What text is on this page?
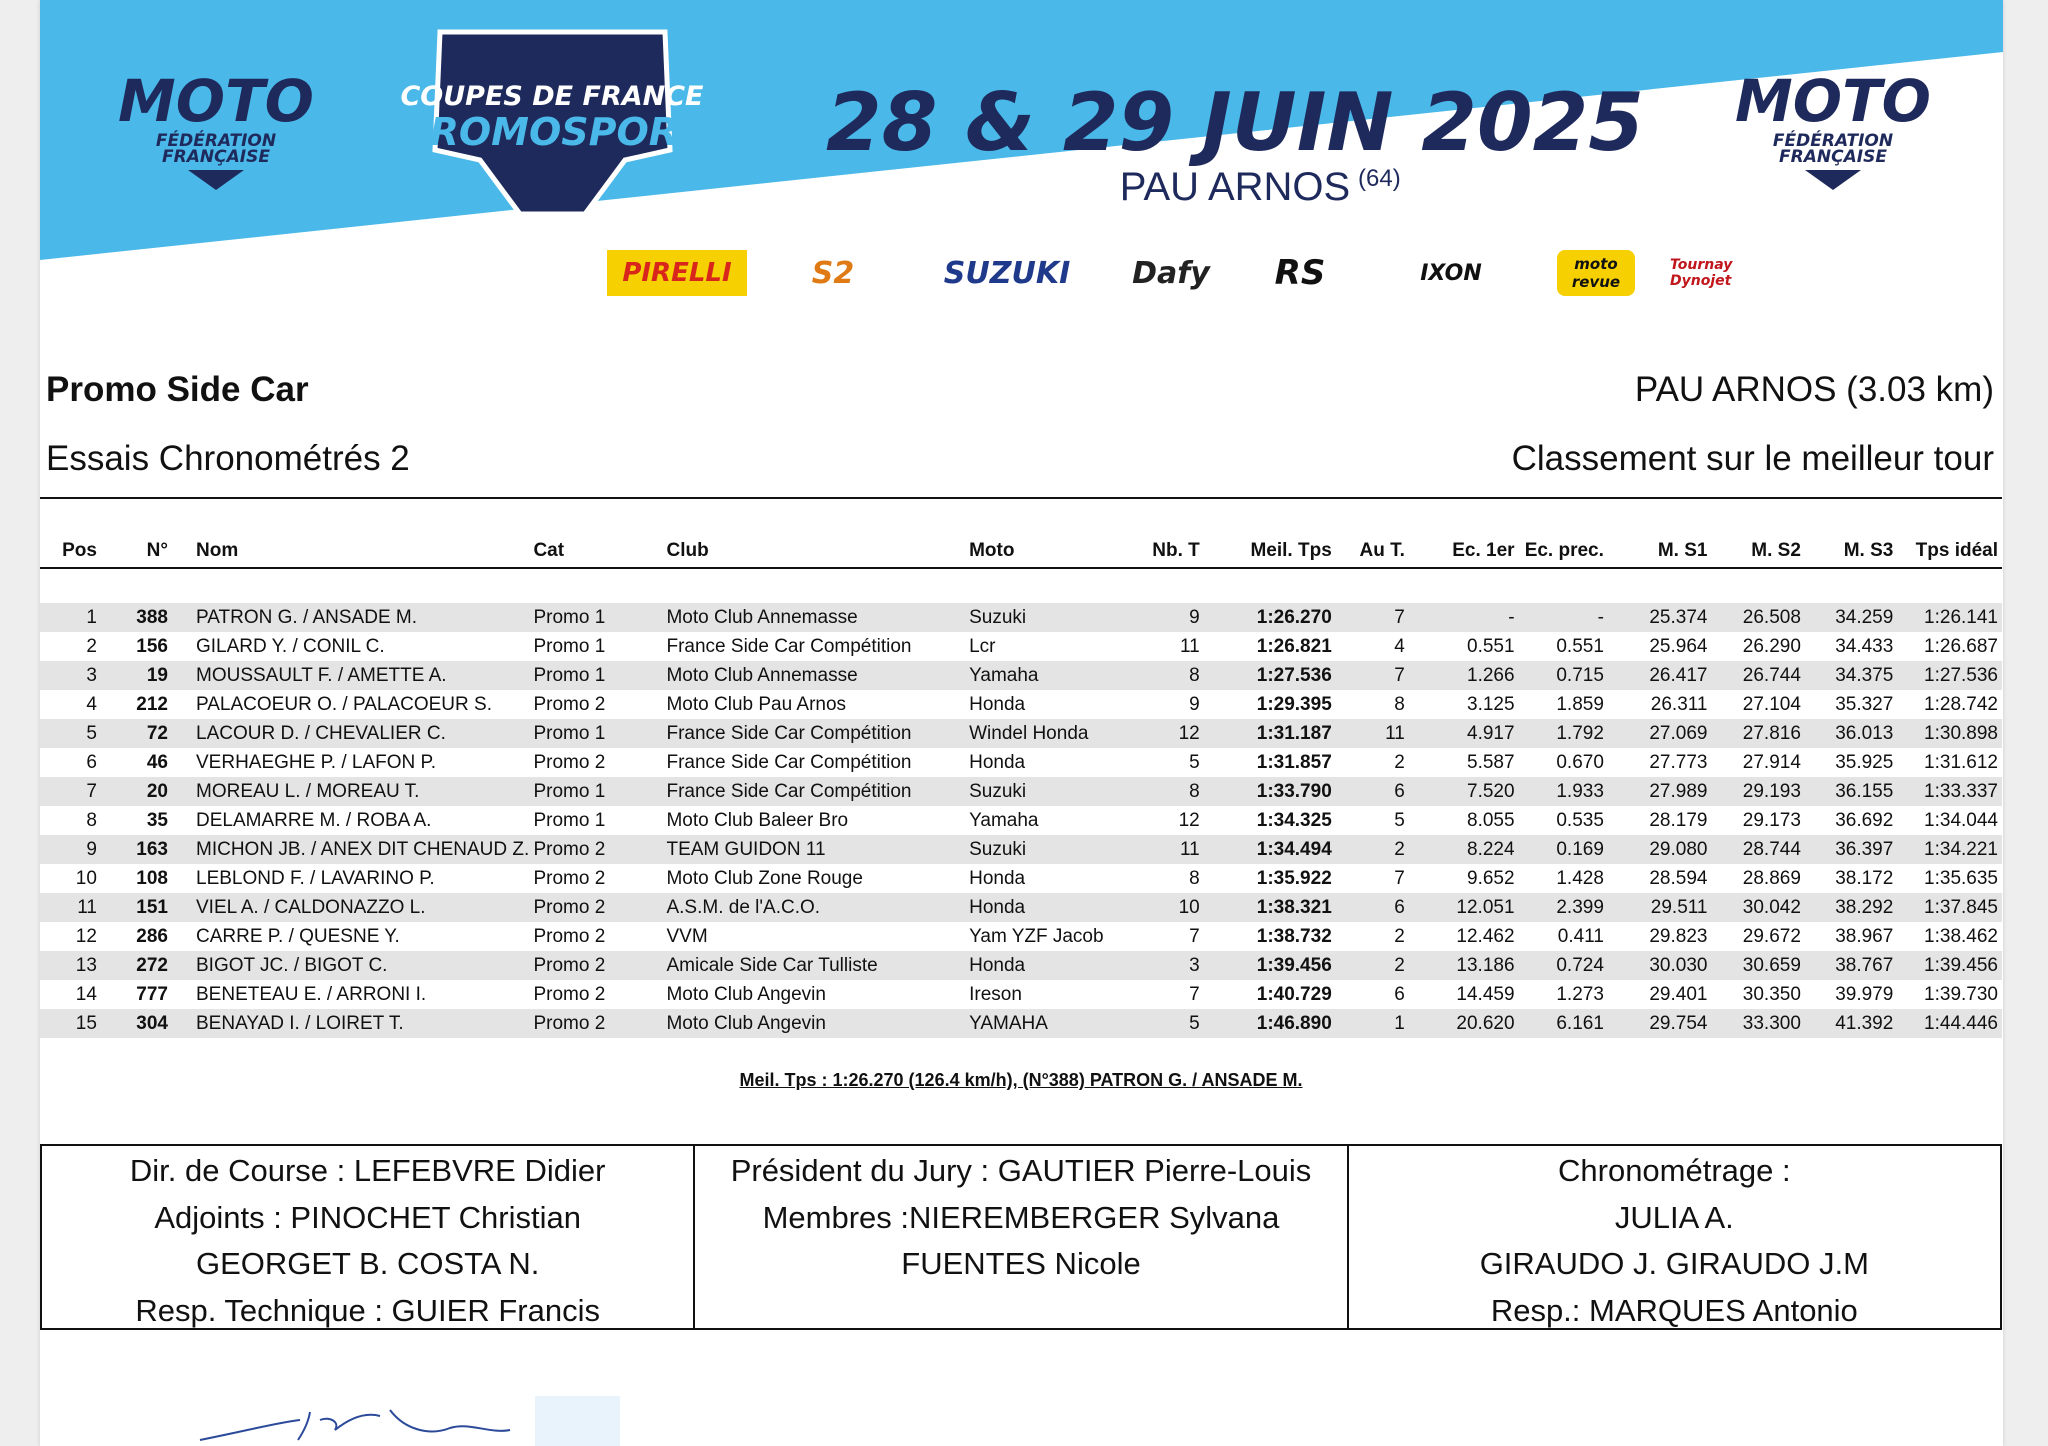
MOTO
FÉDÉRATION
FRANÇAISE
COUPES DE FRANCE
PROMOSPORT 28 & 29 JUIN 2025
PAU ARNOS (64)
MOTO
FÉDÉRATION
FRANÇAISE
PIRELLI	S2	SUZUKI	Dafy	RS	IXON	moto revue
Tournay Dynojet
Promo Side Car	PAU ARNOS (3.03 km)
Essais Chronométrés 2	Classement sur le meilleur tour
Pos	N°	Nom	Cat	Club	Moto	Nb. T	Meil. Tps	Au T.	Ec. 1er	Ec. prec.	M. S1	M. S2	M. S3	Tps idéal

1	388	PATRON G. / ANSADE M.	Promo 1	Moto Club Annemasse	Suzuki	9	1:26.270	7	-	-	25.374	26.508	34.259	1:26.141
2	156	GILARD Y. / CONIL C.	Promo 1	France Side Car Compétition	Lcr	11	1:26.821	4	0.551	0.551	25.964	26.290	34.433	1:26.687
3	19	MOUSSAULT F. / AMETTE A.	Promo 1	Moto Club Annemasse	Yamaha	8	1:27.536	7	1.266	0.715	26.417	26.744	34.375	1:27.536
4	212	PALACOEUR O. / PALACOEUR S.	Promo 2	Moto Club Pau Arnos	Honda	9	1:29.395	8	3.125	1.859	26.311	27.104	35.327	1:28.742
5	72	LACOUR D. / CHEVALIER C.	Promo 1	France Side Car Compétition	Windel Honda	12	1:31.187	11	4.917	1.792	27.069	27.816	36.013	1:30.898
6	46	VERHAEGHE P. / LAFON P.	Promo 2	France Side Car Compétition	Honda	5	1:31.857	2	5.587	0.670	27.773	27.914	35.925	1:31.612
7	20	MOREAU L. / MOREAU T.	Promo 1	France Side Car Compétition	Suzuki	8	1:33.790	6	7.520	1.933	27.989	29.193	36.155	1:33.337
8	35	DELAMARRE M. / ROBA A.	Promo 1	Moto Club Baleer Bro	Yamaha	12	1:34.325	5	8.055	0.535	28.179	29.173	36.692	1:34.044
9	163	MICHON JB. / ANEX DIT CHENAUD Z.	Promo 2	TEAM GUIDON 11	Suzuki	11	1:34.494	2	8.224	0.169	29.080	28.744	36.397	1:34.221
10	108	LEBLOND F. / LAVARINO P.	Promo 2	Moto Club Zone Rouge	Honda	8	1:35.922	7	9.652	1.428	28.594	28.869	38.172	1:35.635
11	151	VIEL A. / CALDONAZZO L.	Promo 2	A.S.M. de l'A.C.O.	Honda	10	1:38.321	6	12.051	2.399	29.511	30.042	38.292	1:37.845
12	286	CARRE P. / QUESNE Y.	Promo 2	VVM	Yam YZF Jacob	7	1:38.732	2	12.462	0.411	29.823	29.672	38.967	1:38.462
13	272	BIGOT JC. / BIGOT C.	Promo 2	Amicale Side Car Tulliste	Honda	3	1:39.456	2	13.186	0.724	30.030	30.659	38.767	1:39.456
14	777	BENETEAU E. / ARRONI I.	Promo 2	Moto Club Angevin	Ireson	7	1:40.729	6	14.459	1.273	29.401	30.350	39.979	1:39.730
15	304	BENAYAD I. / LOIRET T.	Promo 2	Moto Club Angevin	YAMAHA	5	1:46.890	1	20.620	6.161	29.754	33.300	41.392	1:44.446
Meil. Tps : 1:26.270 (126.4 km/h), (N°388) PATRON G. / ANSADE M.
Dir. de Course : LEFEBVRE Didier
Adjoints : PINOCHET Christian
GEORGET B. COSTA N.
Resp. Technique : GUIER Francis
Président du Jury : GAUTIER Pierre-Louis
Membres :NIEREMBERGER Sylvana
FUENTES Nicole
Chronométrage :
JULIA A.
GIRAUDO J. GIRAUDO J.M
Resp.: MARQUES Antonio
